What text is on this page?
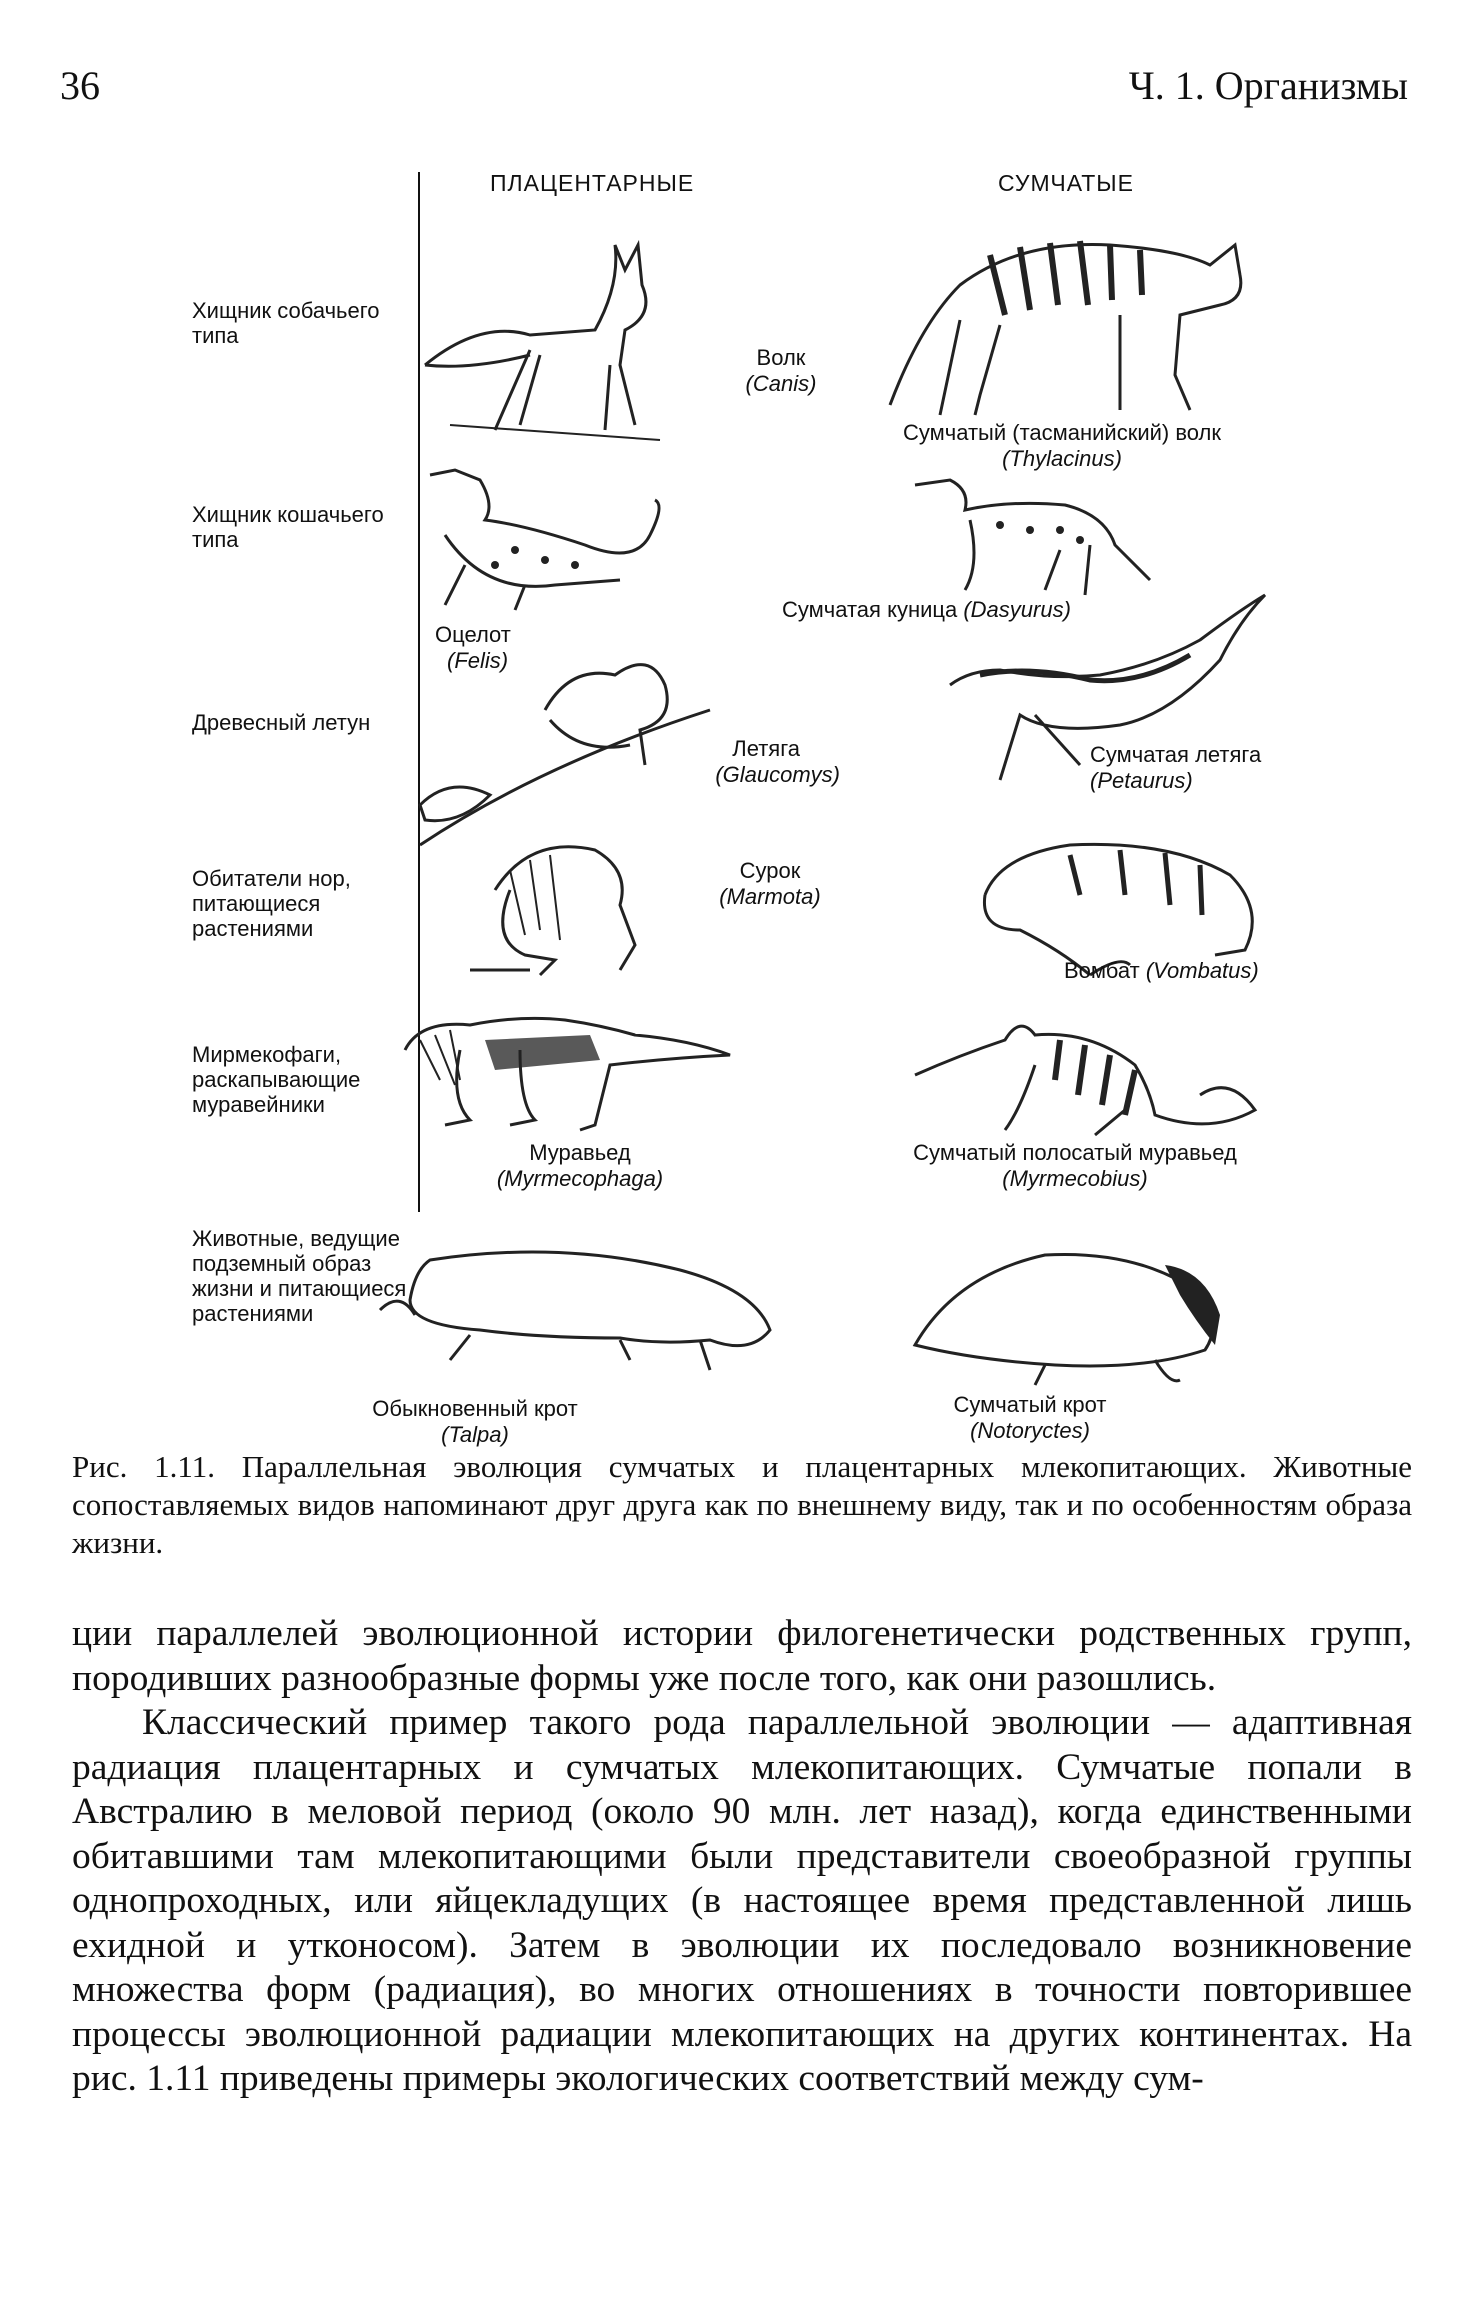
36	Ч. 1. Организмы
ПЛАЦЕНТАРНЫЕ	СУМЧАТЫЕ
Хищник собачьего типа
Хищник кошачьего типа
Древесный летун
Обитатели нор, питающиеся растениями
Мирмекофаги, раскапывающие муравейники
Животные, ведущие подземный образ жизни и питающиеся растениями
Волк
(Canis)
Оцелот
(Felis)
Летяга
(Glaucomys)
Сурок
(Marmota)
Муравьед
(Myrmecophaga)
Обыкновенный крот
(Talpa)
Сумчатый (тасманийский) волк
(Thylacinus)
Сумчатая куница (Dasyurus)
Сумчатая летяга
(Petaurus)
Вомбат (Vombatus)
Сумчатый полосатый муравьед
(Myrmecobius)
Сумчатый крот
(Notoryctes)
Рис. 1.11. Параллельная эволюция сумчатых и плацентарных млекопитающих. Животные сопоставляемых видов напоминают друг друга как по внешнему виду, так и по особенностям образа жизни.

ции параллелей эволюционной истории филогенетически родственных групп, породивших разнообразные формы уже после того, как они разошлись.

Классический пример такого рода параллельной эволюции — адаптивная радиация плацентарных и сумчатых млекопитающих. Сумчатые попали в Австралию в меловой период (около 90 млн. лет назад), когда единственными обитавшими там млекопитающими были представители своеобразной группы однопроходных, или яйцекладущих (в настоящее время представленной лишь ехидной и утконосом). Затем в эволюции их последовало возникновение множества форм (радиация), во многих отношениях в точности повторившее процессы эволюционной радиации млекопитающих на других континентах. На рис. 1.11 приведены примеры экологических соответствий между сум-
